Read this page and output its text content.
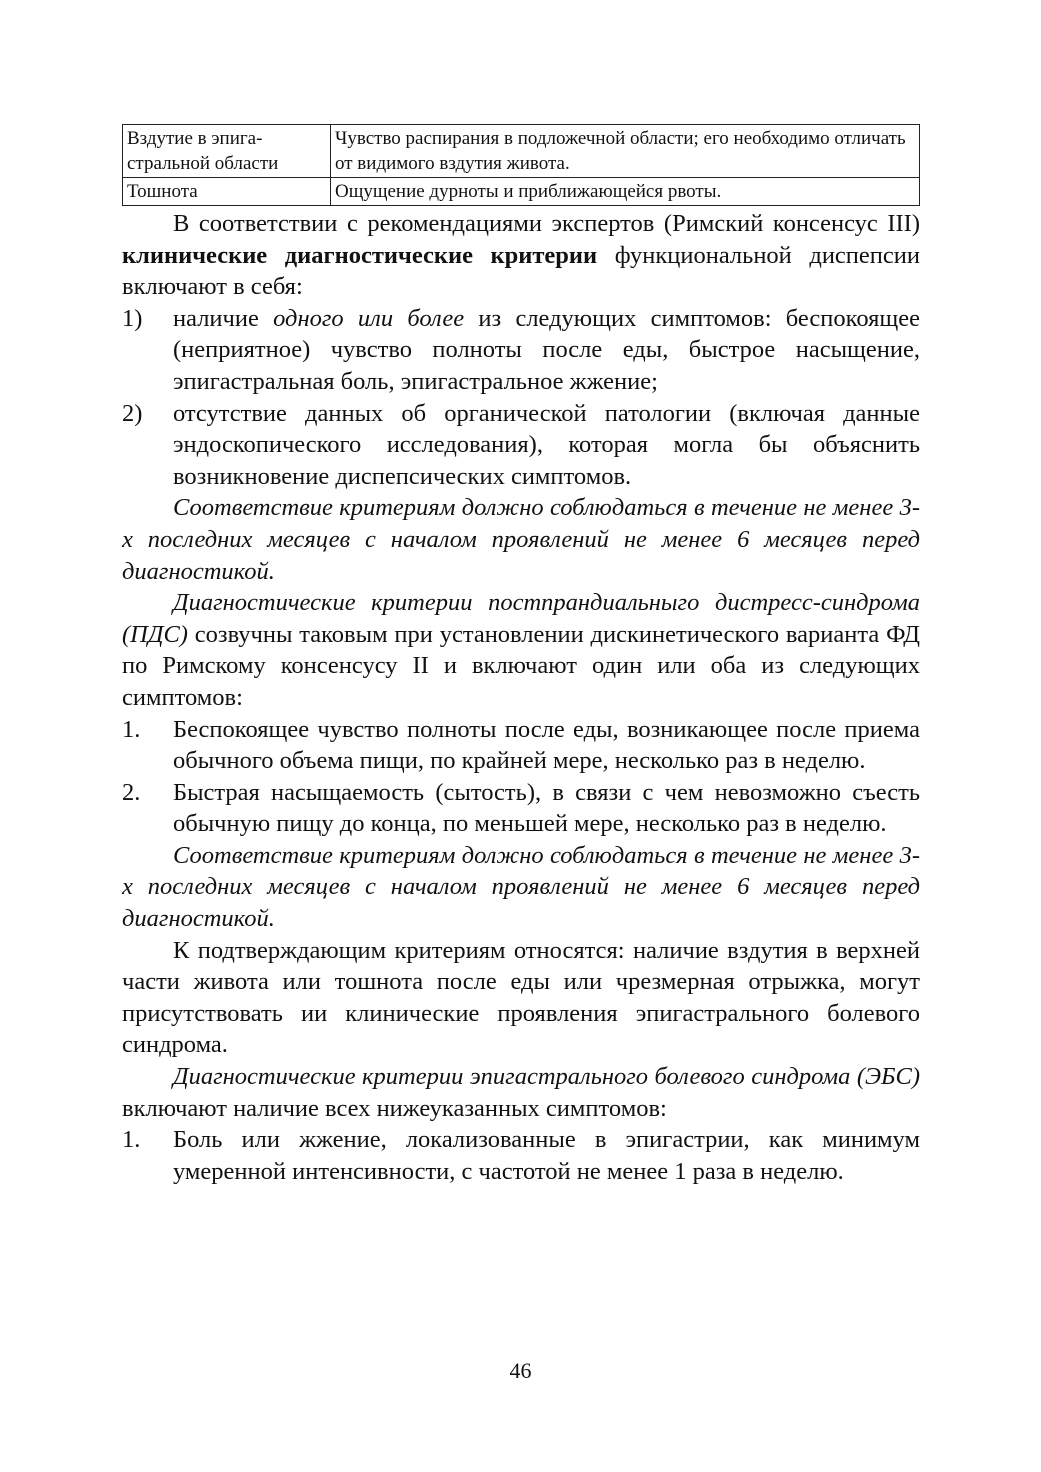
Вздутие в эпига-стральной области	Чувство распирания в подложечной области; его необходимо отличать от видимого вздутия живота.
Тошнота	Ощущение дурноты и приближающейся рвоты.

В соответствии с рекомендациями экспертов (Римский консенсус III) клинические диагностические критерии функциональной диспепсии включают в себя:

1)	наличие одного или более из следующих симптомов: беспокоящее (неприятное) чувство полноты после еды, быстрое насыщение, эпигастральная боль, эпигастральное жжение;
2)	отсутствие данных об органической патологии (включая данные эндоскопического исследования), которая могла бы объяснить возникновение диспепсических симптомов.

Соответствие критериям должно соблюдаться в течение не менее 3-х последних месяцев с началом проявлений не менее 6 месяцев перед диагностикой.

Диагностические критерии постпрандиальныго дистресс-синдрома (ПДС) созвучны таковым при установлении дискинетического варианта ФД по Римскому консенсусу II и включают один или оба из следующих симптомов:

1.	Беспокоящее чувство полноты после еды, возникающее после приема обычного объема пищи, по крайней мере, несколько раз в неделю.
2.	Быстрая насыщаемость (сытость), в связи с чем невозможно съесть обычную пищу до конца, по меньшей мере, несколько раз в неделю.

Соответствие критериям должно соблюдаться в течение не менее 3-х последних месяцев с началом проявлений не менее 6 месяцев перед диагностикой.

К подтверждающим критериям относятся: наличие вздутия в верхней части живота или тошнота после еды или чрезмерная отрыжка, могут присутствовать ии клинические проявления эпигастрального болевого синдрома.

Диагностические критерии эпигастрального болевого синдрома (ЭБС) включают наличие всех нижеуказанных симптомов:

1.	Боль или жжение, локализованные в эпигастрии, как минимум умеренной интенсивности, с частотой не менее 1 раза в неделю.
46
